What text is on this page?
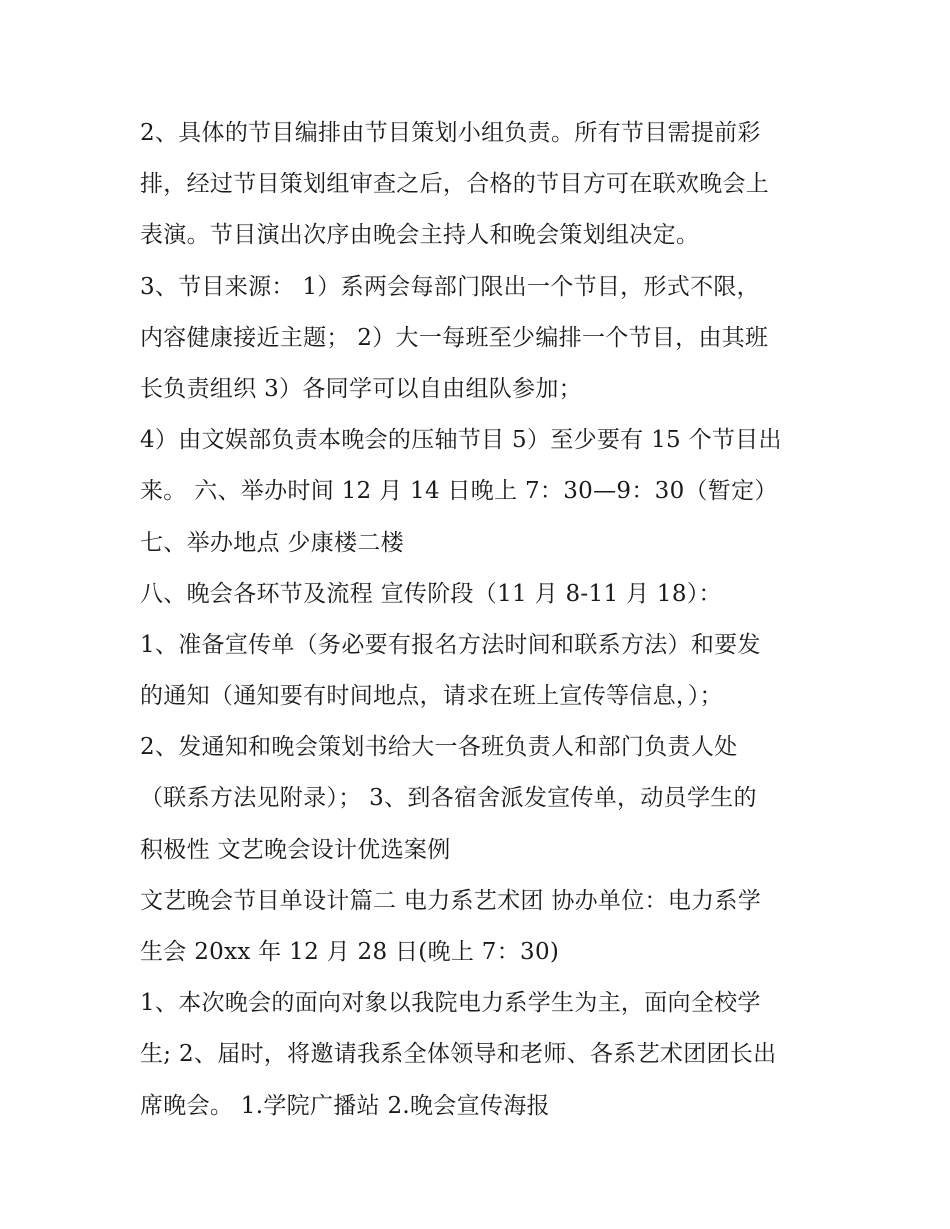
2、具体的节目编排由节目策划小组负责。所有节目需提前彩
排，经过节目策划组审查之后，合格的节目方可在联欢晚会上
表演。节目演出次序由晚会主持人和晚会策划组决定。
3、节目来源： 1）系两会每部门限出一个节目，形式不限，
内容健康接近主题； 2）大一每班至少编排一个节目，由其班
长负责组织 3）各同学可以自由组队参加；
4）由文娱部负责本晚会的压轴节目 5）至少要有 15 个节目出
来。 六、举办时间 12 月 14 日晚上 7：30—9：30（暂定）
七、举办地点 少康楼二楼
八、晚会各环节及流程 宣传阶段（11 月 8-11 月 18）：
1、准备宣传单（务必要有报名方法时间和联系方法）和要发
的通知（通知要有时间地点，请求在班上宣传等信息，）；
2、发通知和晚会策划书给大一各班负责人和部门负责人处
（联系方法见附录）； 3、到各宿舍派发宣传单，动员学生的
积极性 文艺晚会设计优选案例
文艺晚会节目单设计篇二 电力系艺术团 协办单位：电力系学
生会 20xx 年 12 月 28 日(晚上 7：30)
1、本次晚会的面向对象以我院电力系学生为主，面向全校学
生; 2、届时，将邀请我系全体领导和老师、各系艺术团团长出
席晚会。 1.学院广播站 2.晚会宣传海报
